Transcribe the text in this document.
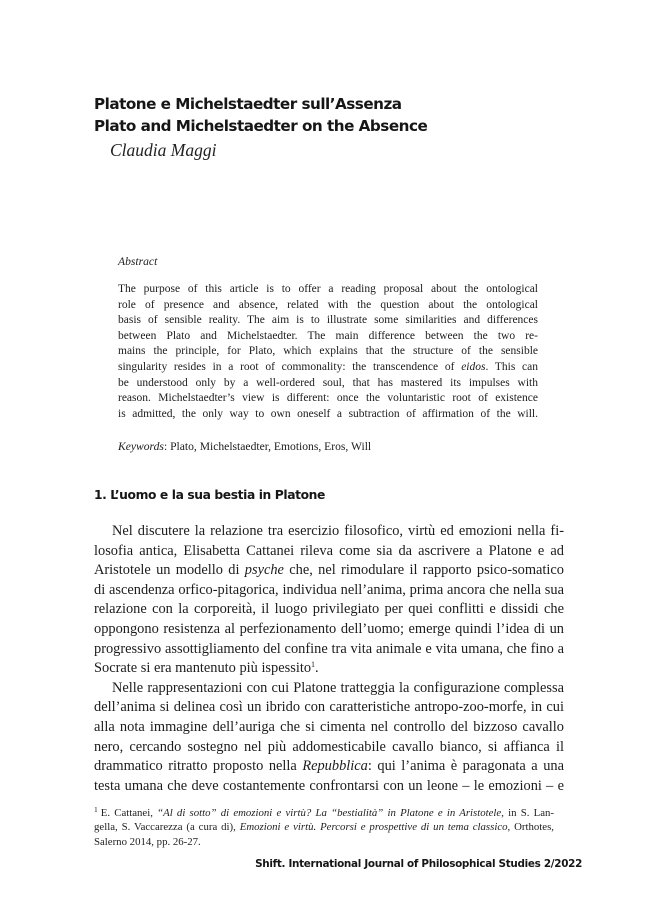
Platone e Michelstaedter sull’Assenza
Plato and Michelstaedter on the Absence
Claudia Maggi
Abstract
The purpose of this article is to offer a reading proposal about the ontological
role of presence and absence, related with the question about the ontological
basis of sensible reality. The aim is to illustrate some similarities and differences
between Plato and Michelstaedter. The main difference between the two re-
mains the principle, for Plato, which explains that the structure of the sensible
singularity resides in a root of commonality: the transcendence of eidos. This can
be understood only by a well-ordered soul, that has mastered its impulses with
reason. Michelstaedter’s view is different: once the voluntaristic root of existence
is admitted, the only way to own oneself a subtraction of affirmation of the will.
Keywords: Plato, Michelstaedter, Emotions, Eros, Will
1. L’uomo e la sua bestia in Platone
Nel discutere la relazione tra esercizio filosofico, virtù ed emozioni nella fi-
losofia antica, Elisabetta Cattanei rileva come sia da ascrivere a Platone e ad
Aristotele un modello di psyche che, nel rimodulare il rapporto psico-somatico
di ascendenza orfico-pitagorica, individua nell’anima, prima ancora che nella sua
relazione con la corporeità, il luogo privilegiato per quei conflitti e dissidi che
oppongono resistenza al perfezionamento dell’uomo; emerge quindi l’idea di un
progressivo assottigliamento del confine tra vita animale e vita umana, che fino a
Socrate si era mantenuto più ispessito$^1$.
Nelle rappresentazioni con cui Platone tratteggia la configurazione complessa
dell’anima si delinea così un ibrido con caratteristiche antropo-zoo-morfe, in cui
alla nota immagine dell’auriga che si cimenta nel controllo del bizzoso cavallo
nero, cercando sostegno nel più addomesticabile cavallo bianco, si affianca il
drammatico ritratto proposto nella Repubblica: qui l’anima è paragonata a una
testa umana che deve costantemente confrontarsi con un leone – le emozioni – e
$^1$ E. Cattanei, “Al di sotto” di emozioni e virtù? La “bestialità” in Platone e in Aristotele, in S. Lan-
gella, S. Vaccarezza (a cura di), Emozioni e virtù. Percorsi e prospettive di un tema classico, Orthotes,
Salerno 2014, pp. 26-27.
Shift. International Journal of Philosophical Studies 2/2022
